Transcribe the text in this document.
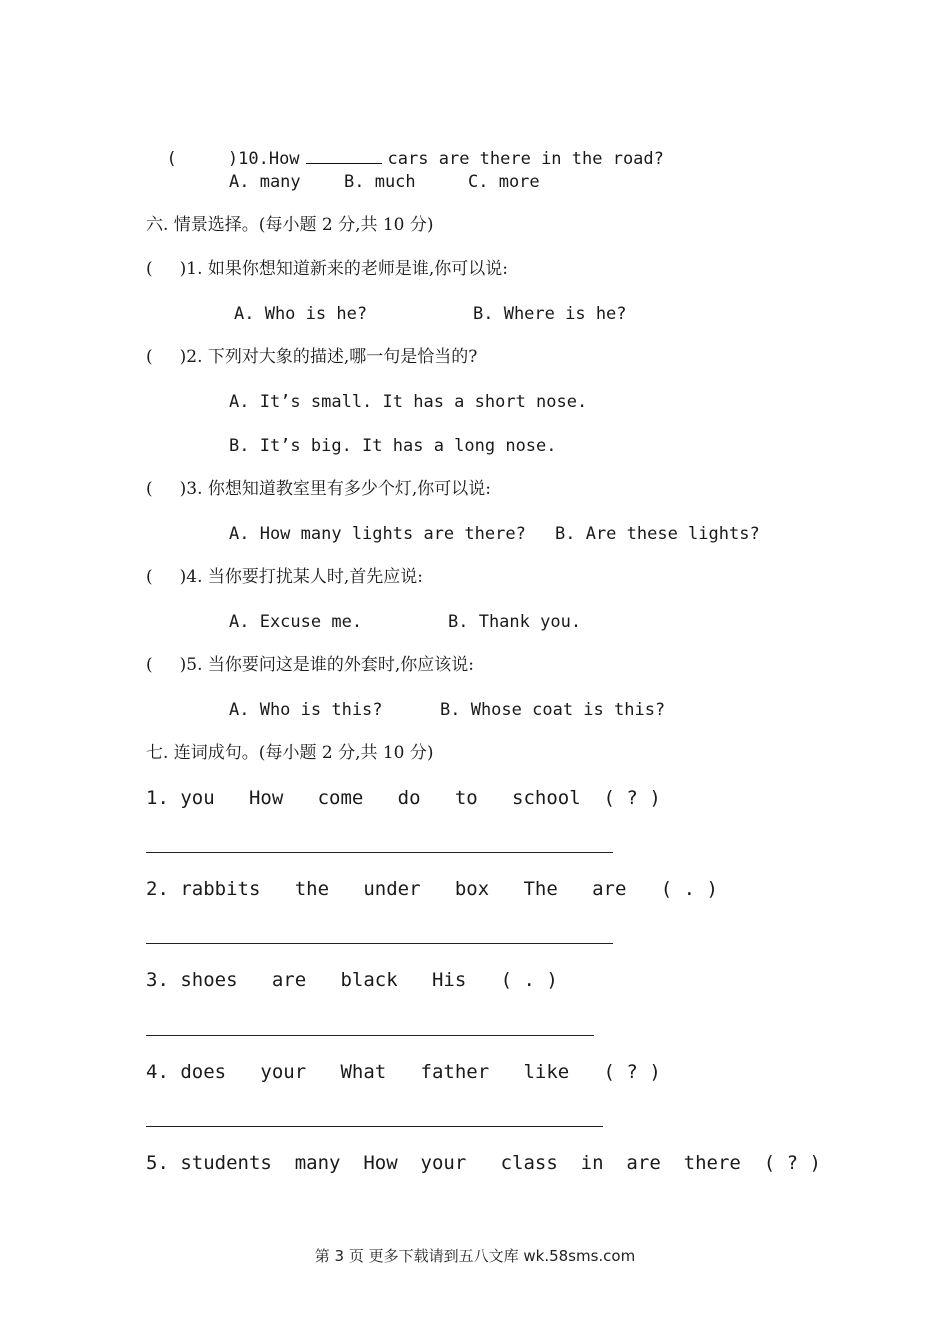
(     )10.How	cars are there in the road?

A. many	B. much	C. more
六. 情景选择。(每小题 2 分,共 10 分)
(     )1. 如果你想知道新来的老师是谁,你可以说:
A. Who is he?	B. Where is he?
(     )2. 下列对大象的描述,哪一句是恰当的?
A. It’s small. It has a short nose.
B. It’s big. It has a long nose.
(     )3. 你想知道教室里有多少个灯,你可以说:
A. How many lights are there? B. Are these lights?
(     )4. 当你要打扰某人时,首先应说:
A. Excuse me.	B. Thank you.
(     )5. 当你要问这是谁的外套时,你应该说:
A. Who is this?	B. Whose coat is this?
七. 连词成句。(每小题 2 分,共 10 分)
1. you   How   come   do   to   school  ( ? )
2. rabbits   the   under   box   The   are   ( . )
3. shoes   are   black   His   ( . )
4. does   your   What   father   like   ( ? )
5. students  many  How  your   class  in  are  there  ( ? )
第 3 页 更多下载请到五八文库 wk.58sms.com
